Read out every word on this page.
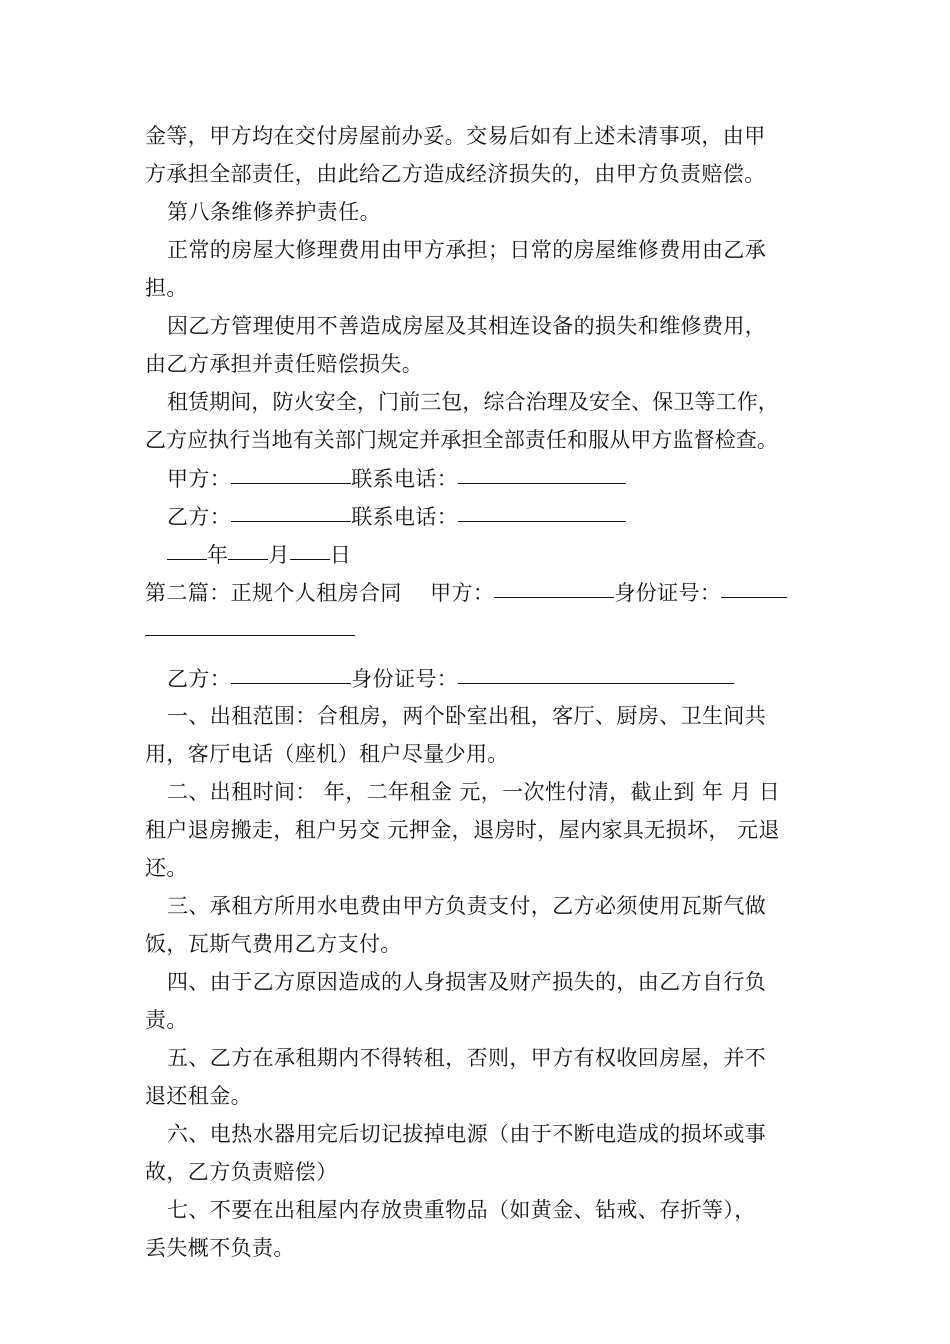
金等，甲方均在交付房屋前办妥。交易后如有上述未清事项，由甲
方承担全部责任，由此给乙方造成经济损失的，由甲方负责赔偿。
第八条维修养护责任。
正常的房屋大修理费用由甲方承担；日常的房屋维修费用由乙承
担。
因乙方管理使用不善造成房屋及其相连设备的损失和维修费用，
由乙方承担并责任赔偿损失。
租赁期间，防火安全，门前三包，综合治理及安全、保卫等工作，
乙方应执行当地有关部门规定并承担全部责任和服从甲方监督检查。
甲方：	联系电话：
乙方：	联系电话：
年 月 日
第二篇：正规个人租房合同 甲方：	身份证号：
乙方：	身份证号：
一、出租范围：合租房，两个卧室出租，客厅、厨房、卫生间共
用，客厅电话（座机）租户尽量少用。
二、出租时间： 年，二年租金 元，一次性付清，截止到 年 月 日
租户退房搬走，租户另交 元押金，退房时，屋内家具无损坏， 元退
还。
三、承租方所用水电费由甲方负责支付，乙方必须使用瓦斯气做
饭，瓦斯气费用乙方支付。
四、由于乙方原因造成的人身损害及财产损失的，由乙方自行负
责。
五、乙方在承租期内不得转租，否则，甲方有权收回房屋，并不
退还租金。
六、电热水器用完后切记拔掉电源（由于不断电造成的损坏或事
故，乙方负责赔偿）
七、不要在出租屋内存放贵重物品（如黄金、钻戒、存折等），
丢失概不负责。
